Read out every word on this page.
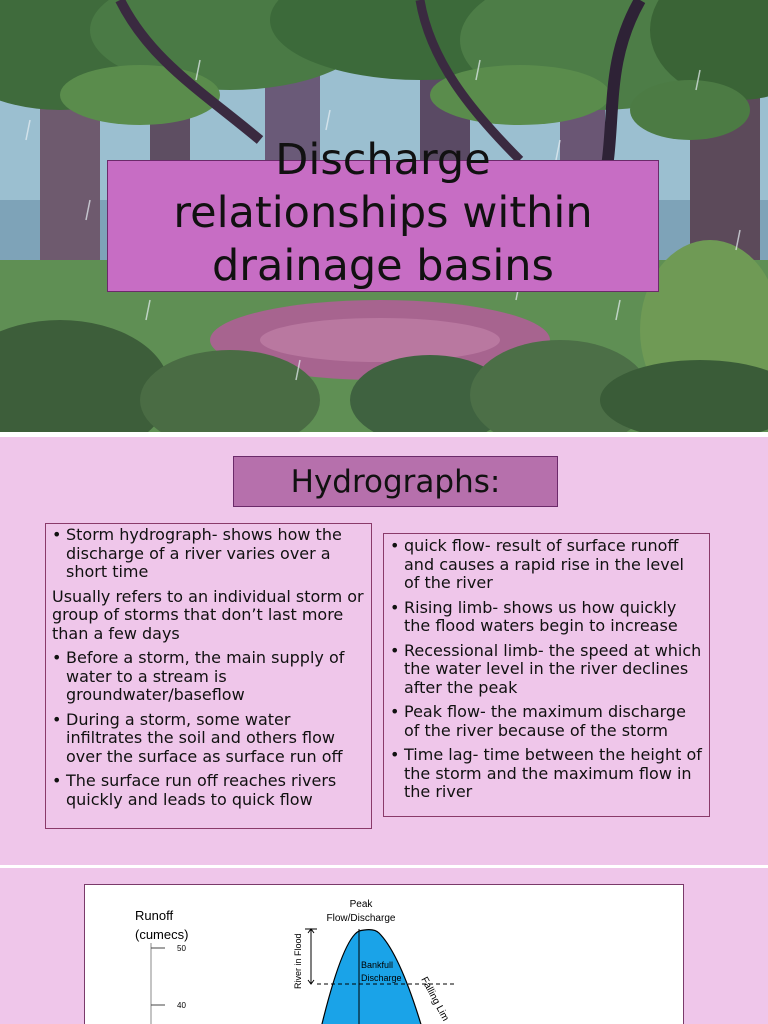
Discharge
relationships within
drainage basins
Hydrographs:
• Storm hydrograph- shows how the discharge of a river varies over a short time
Usually refers to an individual storm or group of storms that don’t last more than a few days
• Before a storm, the main supply of water to a stream is groundwater/baseflow
• During a storm, some water infiltrates the soil and others flow over the surface as surface run off
• The surface run off reaches rivers quickly and leads to quick flow
• quick flow- result of surface runoff and causes a rapid rise in the level of the river
• Rising limb- shows us how quickly the flood waters begin to increase
• Recessional limb- the speed at which the water level in the river declines after the peak
• Peak flow- the maximum discharge of the river because of the storm
• Time lag- time between the height of the storm and the maximum flow in the river
Runoff
(cumecs)
50
40
River in Flood
Peak
Flow/Discharge
Bankfull
Discharge Falling Lim
